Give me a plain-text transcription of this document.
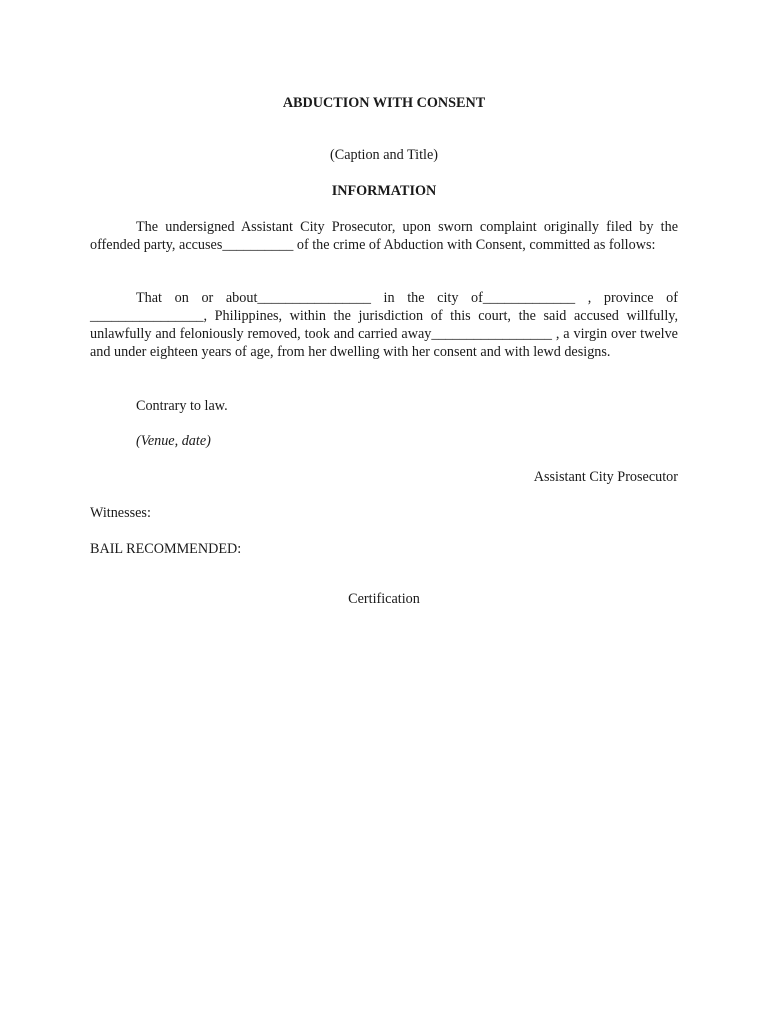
ABDUCTION WITH CONSENT
(Caption and Title)
INFORMATION
The undersigned Assistant City Prosecutor, upon sworn complaint originally filed by the offended party, accuses__________ of the crime of Abduction with Consent, committed as follows:
That on or about________________ in the city of_____________ , province of ________________, Philippines, within the jurisdiction of this court, the said accused willfully, unlawfully and feloniously removed, took and carried away_________________ , a virgin over twelve and under eighteen years of age, from her dwelling with her consent and with lewd designs.
Contrary to law.
(Venue, date)
Assistant City Prosecutor
Witnesses:
BAIL RECOMMENDED:
Certification
